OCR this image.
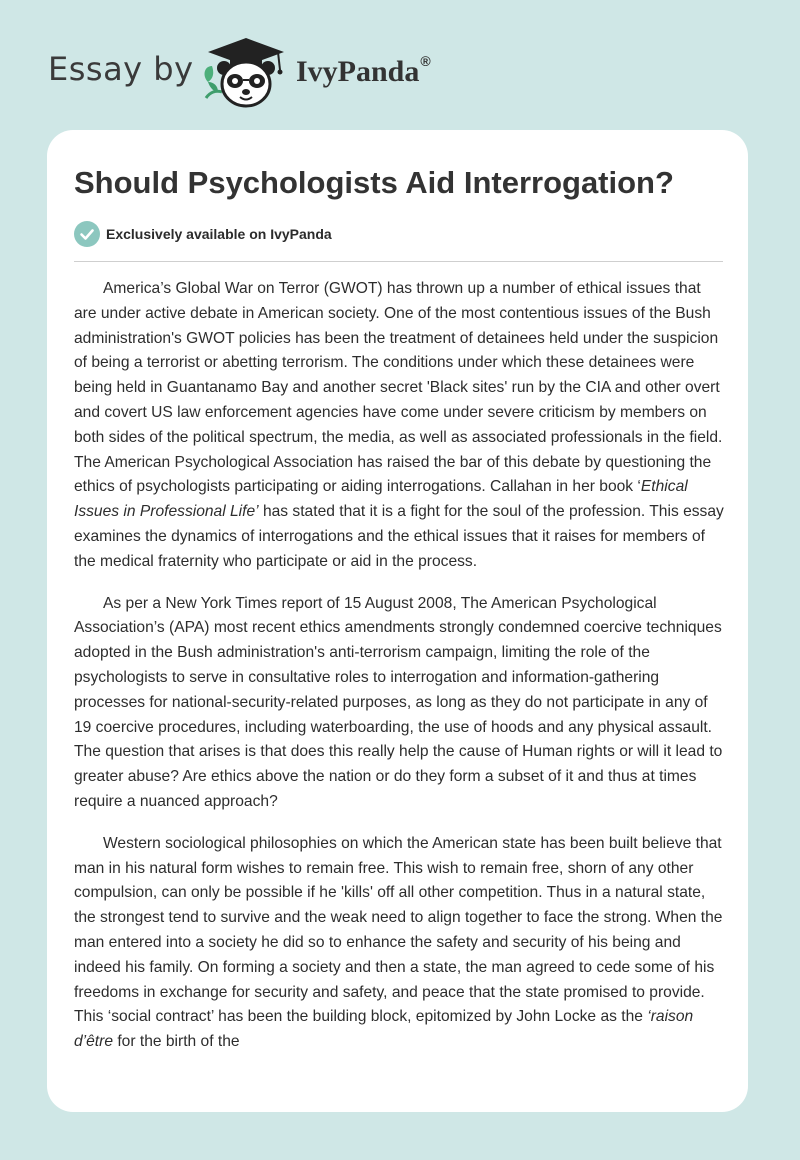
Essay by	IvyPanda®
Should Psychologists Aid Interrogation?
Exclusively available on IvyPanda

America’s Global War on Terror (GWOT) has thrown up a number of ethical issues that are under active debate in American society. One of the most contentious issues of the Bush administration's GWOT policies has been the treatment of detainees held under the suspicion of being a terrorist or abetting terrorism. The conditions under which these detainees were being held in Guantanamo Bay and another secret 'Black sites' run by the CIA and other overt and covert US law enforcement agencies have come under severe criticism by members on both sides of the political spectrum, the media, as well as associated professionals in the field. The American Psychological Association has raised the bar of this debate by questioning the ethics of psychologists participating or aiding interrogations. Callahan in her book ‘Ethical Issues in Professional Life’ has stated that it is a fight for the soul of the profession. This essay examines the dynamics of interrogations and the ethical issues that it raises for members of the medical fraternity who participate or aid in the process.

As per a New York Times report of 15 August 2008, The American Psychological Association’s (APA) most recent ethics amendments strongly condemned coercive techniques adopted in the Bush administration's anti-terrorism campaign, limiting the role of the psychologists to serve in consultative roles to interrogation and information-gathering processes for national-security-related purposes, as long as they do not participate in any of 19 coercive procedures, including waterboarding, the use of hoods and any physical assault. The question that arises is that does this really help the cause of Human rights or will it lead to greater abuse? Are ethics above the nation or do they form a subset of it and thus at times require a nuanced approach?

Western sociological philosophies on which the American state has been built believe that man in his natural form wishes to remain free. This wish to remain free, shorn of any other compulsion, can only be possible if he 'kills' off all other competition. Thus in a natural state, the strongest tend to survive and the weak need to align together to face the strong. When the man entered into a society he did so to enhance the safety and security of his being and indeed his family. On forming a society and then a state, the man agreed to cede some of his freedoms in exchange for security and safety, and peace that the state promised to provide. This ‘social contract’ has been the building block, epitomized by John Locke as the ‘raison d’être for the birth of the
